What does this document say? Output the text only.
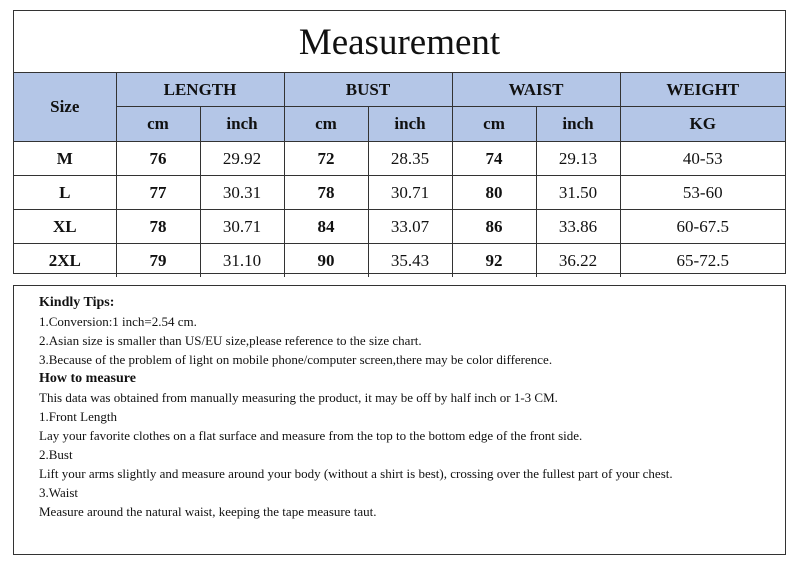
Measurement
Size	LENGTH		BUST		WAIST		WEIGHT
	cm	inch	cm	inch	cm	inch	KG
M	76	29.92	72	28.35	74	29.13	40-53
L	77	30.31	78	30.71	80	31.50	53-60
XL	78	30.71	84	33.07	86	33.86	60-67.5
2XL	79	31.10	90	35.43	92	36.22	65-72.5
Kindly Tips:
1.Conversion:1 inch=2.54 cm.
2.Asian size is smaller than US/EU size,please reference to the size chart.
3.Because of the problem of light on mobile phone/computer screen,there may be color difference.
How to measure
This data was obtained from manually measuring the product, it may be off by half inch or 1-3 CM.
1.Front Length
Lay your favorite clothes on a flat surface and measure from the top to the bottom edge of the front side.
2.Bust
Lift your arms slightly and measure around your body (without a shirt is best), crossing over the fullest part of your chest.
3.Waist
Measure around the natural waist, keeping the tape measure taut.
